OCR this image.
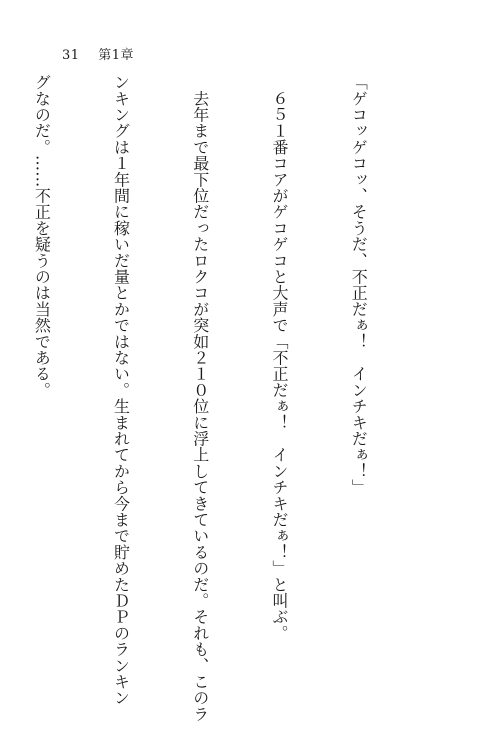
31 第1章

「ゲコッゲコッ、そうだ、不正だぁ！　インチキだぁ！」

　６５１番コアがゲコゲコと大声で「不正だぁ！　インチキだぁ！」と叫ぶ。

　去年まで最下位だったロクコが突如２１０位に浮上してきているのだ。それも、このラ

ンキングは１年間に稼いだ量とかではない。生まれてから今まで貯めたＤＰのランキン

グなのだ。……不正を疑うのは当然である。
